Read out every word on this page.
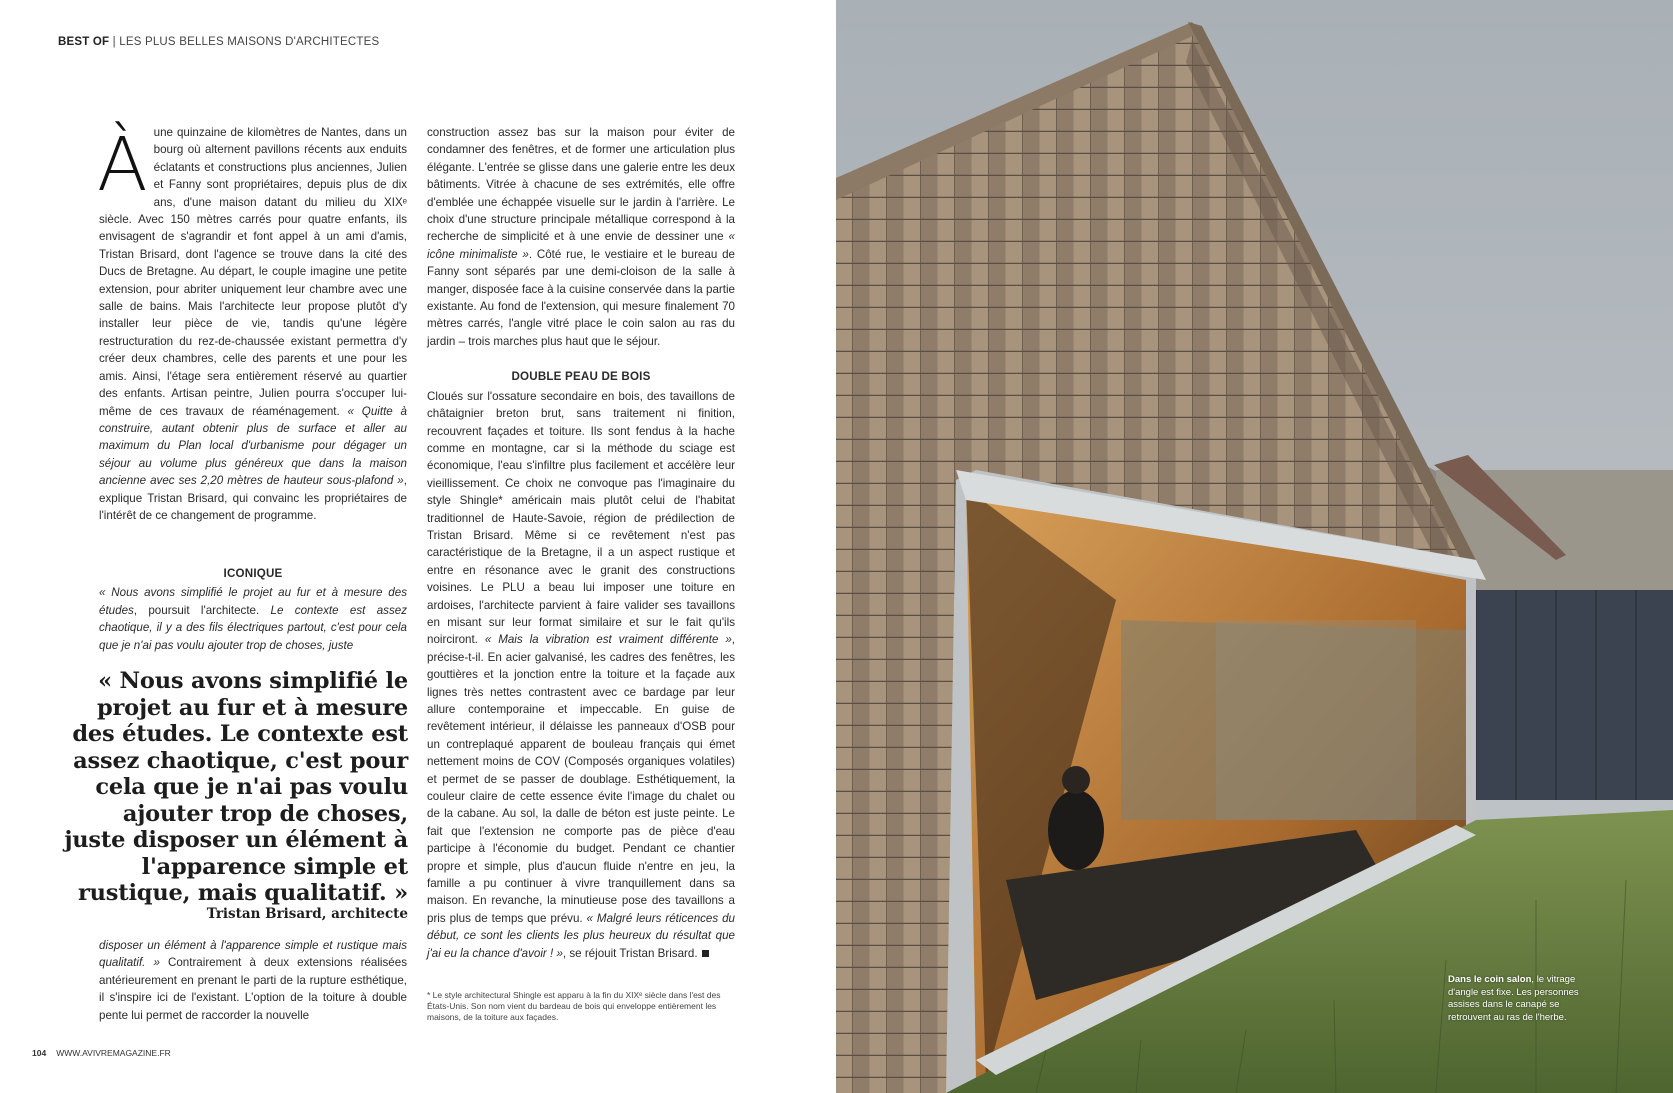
BEST OF | LES PLUS BELLES MAISONS D'ARCHITECTES

À une quinzaine de kilomètres de Nantes, dans un bourg où alternent pavillons récents aux enduits éclatants et constructions plus anciennes, Julien et Fanny sont propriétaires, depuis plus de dix ans, d'une maison datant du milieu du XIXᵉ siècle. Avec 150 mètres carrés pour quatre enfants, ils envisagent de s'agrandir et font appel à un ami d'amis, Tristan Brisard, dont l'agence se trouve dans la cité des Ducs de Bretagne. Au départ, le couple imagine une petite extension, pour abriter uniquement leur chambre avec une salle de bains. Mais l'architecte leur propose plutôt d'y installer leur pièce de vie, tandis qu'une légère restructuration du rez-de-chaussée existant permettra d'y créer deux chambres, celle des parents et une pour les amis. Ainsi, l'étage sera entièrement réservé au quartier des enfants. Artisan peintre, Julien pourra s'occuper lui-même de ces travaux de réaménagement. « Quitte à construire, autant obtenir plus de surface et aller au maximum du Plan local d'urbanisme pour dégager un séjour au volume plus généreux que dans la maison ancienne avec ses 2,20 mètres de hauteur sous-plafond », explique Tristan Brisard, qui convainc les propriétaires de l'intérêt de ce changement de programme.

ICONIQUE

« Nous avons simplifié le projet au fur et à mesure des études, poursuit l'architecte. Le contexte est assez chaotique, il y a des fils électriques partout, c'est pour cela que je n'ai pas voulu ajouter trop de choses, juste

« Nous avons simplifié le projet au fur et à mesure des études. Le contexte est assez chaotique, c'est pour cela que je n'ai pas voulu ajouter trop de choses, juste disposer un élément à l'apparence simple et rustique, mais qualitatif. »
Tristan Brisard, architecte

disposer un élément à l'apparence simple et rustique mais qualitatif. » Contrairement à deux extensions réalisées antérieurement en prenant le parti de la rupture esthétique, il s'inspire ici de l'existant. L'option de la toiture à double pente lui permet de raccorder la nouvelle

construction assez bas sur la maison pour éviter de condamner des fenêtres, et de former une articulation plus élégante. L'entrée se glisse dans une galerie entre les deux bâtiments. Vitrée à chacune de ses extrémités, elle offre d'emblée une échappée visuelle sur le jardin à l'arrière. Le choix d'une structure principale métallique correspond à la recherche de simplicité et à une envie de dessiner une « icône minimaliste ». Côté rue, le vestiaire et le bureau de Fanny sont séparés par une demi-cloison de la salle à manger, disposée face à la cuisine conservée dans la partie existante. Au fond de l'extension, qui mesure finalement 70 mètres carrés, l'angle vitré place le coin salon au ras du jardin – trois marches plus haut que le séjour.

DOUBLE PEAU DE BOIS

Cloués sur l'ossature secondaire en bois, des tavaillons de châtaignier breton brut, sans traitement ni finition, recouvrent façades et toiture. Ils sont fendus à la hache comme en montagne, car si la méthode du sciage est économique, l'eau s'infiltre plus facilement et accélère leur vieillissement. Ce choix ne convoque pas l'imaginaire du style Shingle* américain mais plutôt celui de l'habitat traditionnel de Haute-Savoie, région de prédilection de Tristan Brisard. Même si ce revêtement n'est pas caractéristique de la Bretagne, il a un aspect rustique et entre en résonance avec le granit des constructions voisines. Le PLU a beau lui imposer une toiture en ardoises, l'architecte parvient à faire valider ses tavaillons en misant sur leur format similaire et sur le fait qu'ils noirciront. « Mais la vibration est vraiment différente », précise-t-il. En acier galvanisé, les cadres des fenêtres, les gouttières et la jonction entre la toiture et la façade aux lignes très nettes contrastent avec ce bardage par leur allure contemporaine et impeccable. En guise de revêtement intérieur, il délaisse les panneaux d'OSB pour un contreplaqué apparent de bouleau français qui émet nettement moins de COV (Composés organiques volatiles) et permet de se passer de doublage. Esthétiquement, la couleur claire de cette essence évite l'image du chalet ou de la cabane. Au sol, la dalle de béton est juste peinte. Le fait que l'extension ne comporte pas de pièce d'eau participe à l'économie du budget. Pendant ce chantier propre et simple, plus d'aucun fluide n'entre en jeu, la famille a pu continuer à vivre tranquillement dans sa maison. En revanche, la minutieuse pose des tavaillons a pris plus de temps que prévu. « Malgré leurs réticences du début, ce sont les clients les plus heureux du résultat que j'ai eu la chance d'avoir ! », se réjouit Tristan Brisard.

* Le style architectural Shingle est apparu à la fin du XIXᵉ siècle dans l'est des États-Unis. Son nom vient du bardeau de bois qui enveloppe entièrement les maisons, de la toiture aux façades.
104 WWW.AVIVREMAGAZINE.FR
Dans le coin salon, le vitrage d'angle est fixe. Les personnes assises dans le canapé se retrouvent au ras de l'herbe.
